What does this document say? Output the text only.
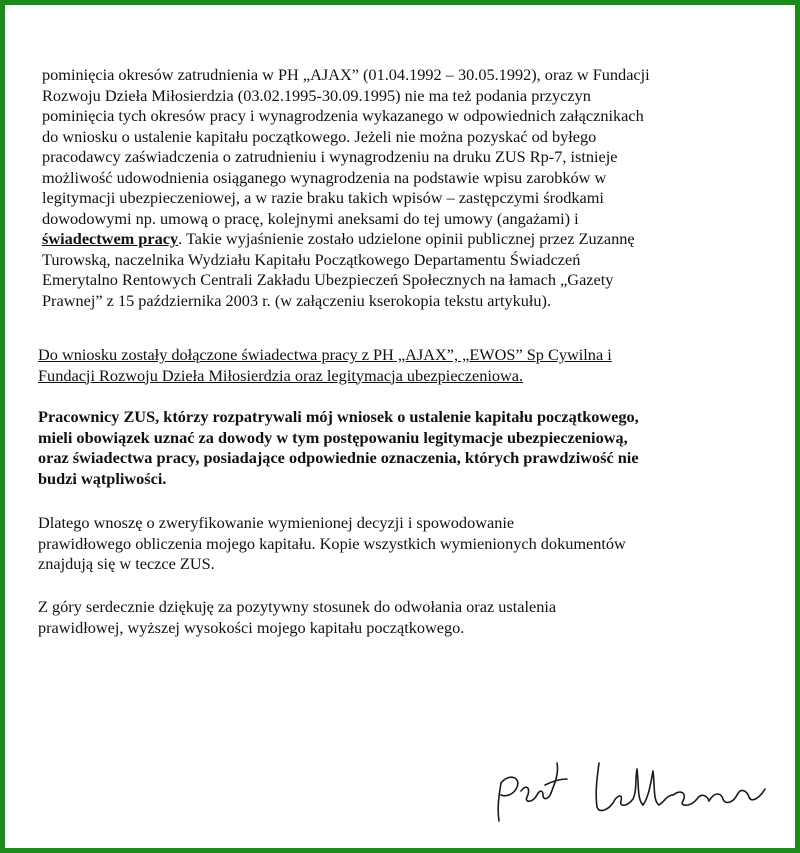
pominięcia okresów zatrudnienia w PH „AJAX” (01.04.1992 – 30.05.1992), oraz w Fundacji
Rozwoju Dzieła Miłosierdzia (03.02.1995-30.09.1995) nie ma też podania przyczyn
pominięcia tych okresów pracy i wynagrodzenia wykazanego w odpowiednich załącznikach
do wniosku o ustalenie kapitału początkowego. Jeżeli nie można pozyskać od byłego
pracodawcy zaświadczenia o zatrudnieniu i wynagrodzeniu na druku ZUS Rp-7, istnieje
możliwość udowodnienia osiąganego wynagrodzenia na podstawie wpisu zarobków w
legitymacji ubezpieczeniowej, a w razie braku takich wpisów – zastępczymi środkami
dowodowymi np. umową o pracę, kolejnymi aneksami do tej umowy (angażami) i
świadectwem pracy. Takie wyjaśnienie zostało udzielone opinii publicznej przez Zuzannę
Turowską, naczelnika Wydziału Kapitału Początkowego Departamentu Świadczeń
Emerytalno Rentowych Centrali Zakładu Ubezpieczeń Społecznych na łamach „Gazety
Prawnej” z 15 października 2003 r. (w załączeniu kserokopia tekstu artykułu).

Do wniosku zostały dołączone świadectwa pracy z PH „AJAX”, „EWOS” Sp Cywilna i
Fundacji Rozwoju Dzieła Miłosierdzia oraz legitymacja ubezpieczeniowa.

Pracownicy ZUS, którzy rozpatrywali mój wniosek o ustalenie kapitału początkowego,
mieli obowiązek uznać za dowody w tym postępowaniu legitymacje ubezpieczeniową,
oraz świadectwa pracy, posiadające odpowiednie oznaczenia, których prawdziwość nie
budzi wątpliwości.

Dlatego wnoszę o zweryfikowanie wymienionej decyzji i spowodowanie
prawidłowego obliczenia mojego kapitału. Kopie wszystkich wymienionych dokumentów
znajdują się w teczce ZUS.

Z góry serdecznie dziękuję za pozytywny stosunek do odwołania oraz ustalenia
prawidłowej, wyższej wysokości mojego kapitału początkowego.
